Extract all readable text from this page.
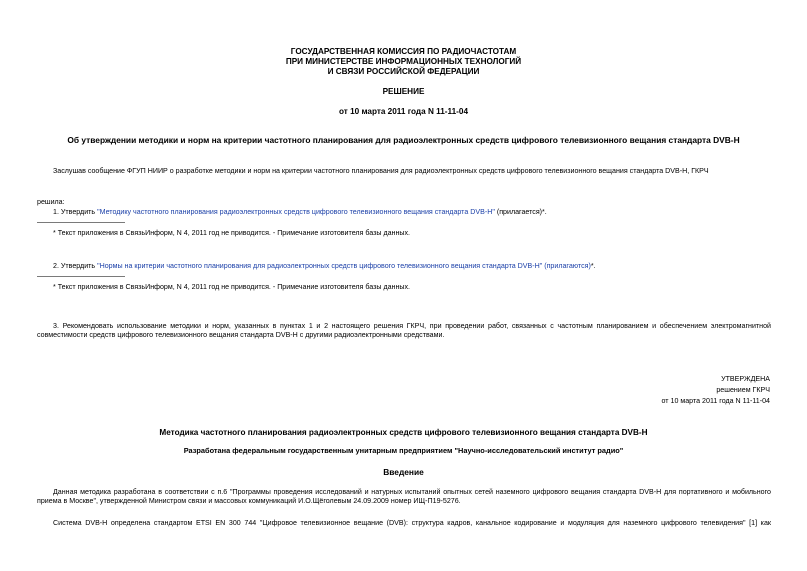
ГОСУДАРСТВЕННАЯ КОМИССИЯ ПО РАДИОЧАСТОТАМ

ПРИ МИНИСТЕРСТВЕ ИНФОРМАЦИОННЫХ ТЕХНОЛОГИЙ

И СВЯЗИ РОССИЙСКОЙ ФЕДЕРАЦИИ

РЕШЕНИЕ

от 10 марта 2011 года N 11-11-04

Об утверждении методики и норм на критерии частотного планирования для радиоэлектронных средств цифрового телевизионного вещания стандарта DVB-H

Заслушав сообщение ФГУП НИИР о разработке методики и норм на критерии частотного планирования для радиоэлектронных средств цифрового телевизионного вещания стандарта DVB-H, ГКРЧ

решила:

1. Утвердить "Методику частотного планирования радиоэлектронных средств цифрового телевизионного вещания стандарта DVB-H" (прилагается)*.

* Текст приложения в СвязьИнформ, N 4, 2011 год не приводится. - Примечание изготовителя базы данных.

2. Утвердить "Нормы на критерии частотного планирования для радиоэлектронных средств цифрового телевизионного вещания стандарта DVB-H" (прилагаются)*.

* Текст приложения в СвязьИнформ, N 4, 2011 год не приводится. - Примечание изготовителя базы данных.

3. Рекомендовать использование методики и норм, указанных в пунктах 1 и 2 настоящего решения ГКРЧ, при проведении работ, связанных с частотным планированием и обеспечением электромагнитной совместимости средств цифрового телевизионного вещания стандарта DVB-H с другими радиоэлектронными средствами.

УТВЕРЖДЕНА

решением ГКРЧ

от 10 марта 2011 года N 11-11-04

Методика частотного планирования радиоэлектронных средств цифрового телевизионного вещания стандарта DVB-H

Разработана федеральным государственным унитарным предприятием "Научно-исследовательский институт радио"

Введение

Данная методика разработана в соответствии с п.6 "Программы проведения исследований и натурных испытаний опытных сетей наземного цифрового вещания стандарта DVB-H для портативного и мобильного приема в Москве", утвержденной Министром связи и массовых коммуникаций И.О.Щёголевым 24.09.2009 номер ИЩ-П19-5276.

Система DVB-H определена стандартом ETSI EN 300 744 "Цифровое телевизионное вещание (DVB): структура кадров, канальное кодирование и модуляция для наземного цифрового телевидения" [1] как
